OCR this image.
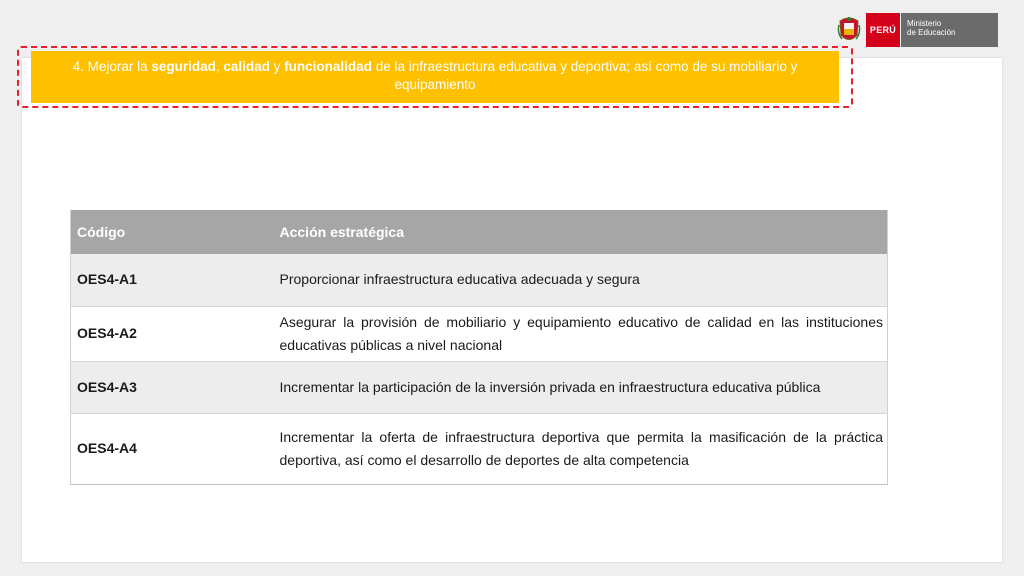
PERÚ
Ministerio
de Educación
4. Mejorar la seguridad, calidad y funcionalidad de la infraestructura educativa y deportiva; así como de su mobiliario y equipamiento
Código	Acción estratégica
OES4-A1	Proporcionar infraestructura educativa adecuada y segura
OES4-A2	Asegurar la provisión de mobiliario y equipamiento educativo de calidad en las instituciones educativas públicas a nivel nacional
OES4-A3	Incrementar la participación de la inversión privada en infraestructura educativa pública
OES4-A4	Incrementar la oferta de infraestructura deportiva que permita la masificación de la práctica deportiva, así como el desarrollo de deportes de alta competencia
